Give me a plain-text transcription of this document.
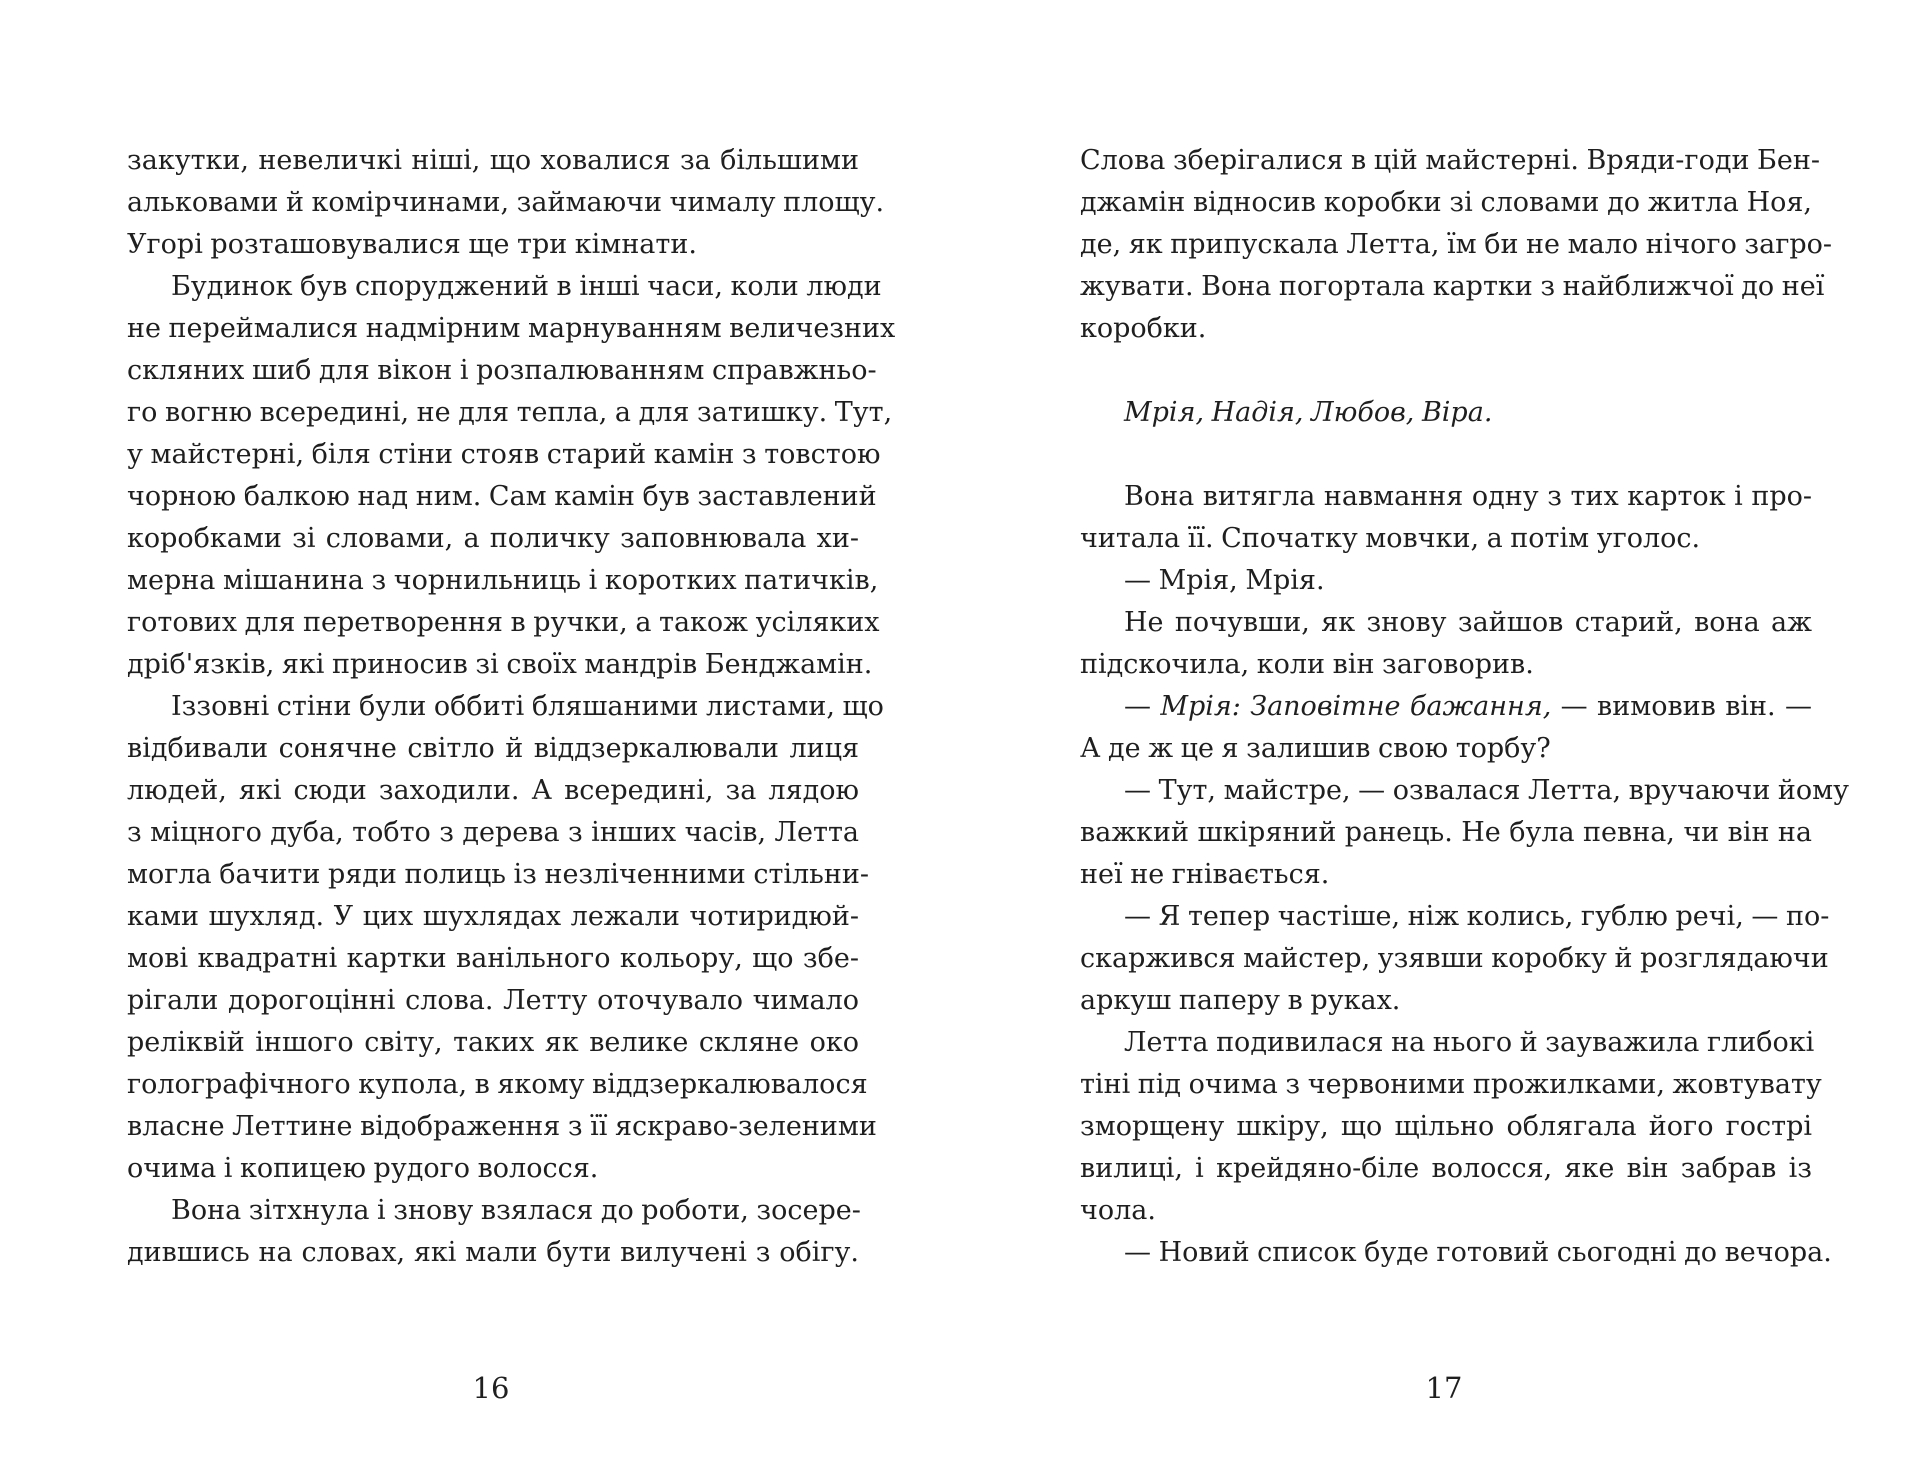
закутки, невеличкі ніші, що ховалися за більшими
альковами й комірчинами, займаючи чималу площу.
Угорі розташовувалися ще три кімнати.
Будинок був споруджений в інші часи, коли люди
не переймалися надмірним марнуванням величезних
скляних шиб для вікон і розпалюванням справжньо-
го вогню всередині, не для тепла, а для затишку. Тут,
у майстерні, біля стіни стояв старий камін з товстою
чорною балкою над ним. Сам камін був заставлений
коробками зі словами, а поличку заповнювала хи-
мерна мішанина з чорнильниць і коротких патичків,
готових для перетворення в ручки, а також усіляких
дріб'язків, які приносив зі своїх мандрів Бенджамін.
Іззовні стіни були оббиті бляшаними листами, що
відбивали сонячне світло й віддзеркалювали лиця
людей, які сюди заходили. А всередині, за лядою
з міцного дуба, тобто з дерева з інших часів, Летта
могла бачити ряди полиць із незліченними стільни-
ками шухляд. У цих шухлядах лежали чотиридюй-
мові квадратні картки ванільного кольору, що збе-
рігали дорогоцінні слова. Летту оточувало чимало
реліквій іншого світу, таких як велике скляне око
голографічного купола, в якому віддзеркалювалося
власне Леттине відображення з її яскраво-зеленими
очима і копицею рудого волосся.
Вона зітхнула і знову взялася до роботи, зосере-
дившись на словах, які мали бути вилучені з обігу.
16
Слова зберігалися в цій майстерні. Вряди-годи Бен-
джамін відносив коробки зі словами до житла Ноя,
де, як припускала Летта, їм би не мало нічого загро-
жувати. Вона погортала картки з найближчої до неї
коробки.
Мрія, Надія, Любов, Віра.
Вона витягла навмання одну з тих карток і про-
читала її. Спочатку мовчки, а потім уголос.
— Мрія, Мрія.
Не почувши, як знову зайшов старий, вона аж
підскочила, коли він заговорив.
— Мрія: Заповітне бажання, — вимовив він. —
А де ж це я залишив свою торбу?
— Тут, майстре, — озвалася Летта, вручаючи йому
важкий шкіряний ранець. Не була певна, чи він на
неї не гнівається.
— Я тепер частіше, ніж колись, гублю речі, — по-
скаржився майстер, узявши коробку й розглядаючи
аркуш паперу в руках.
Летта подивилася на нього й зауважила глибокі
тіні під очима з червоними прожилками, жовтувату
зморщену шкіру, що щільно облягала його гострі
вилиці, і крейдяно-біле волосся, яке він забрав із
чола.
— Новий список буде готовий сьогодні до вечора.
17
